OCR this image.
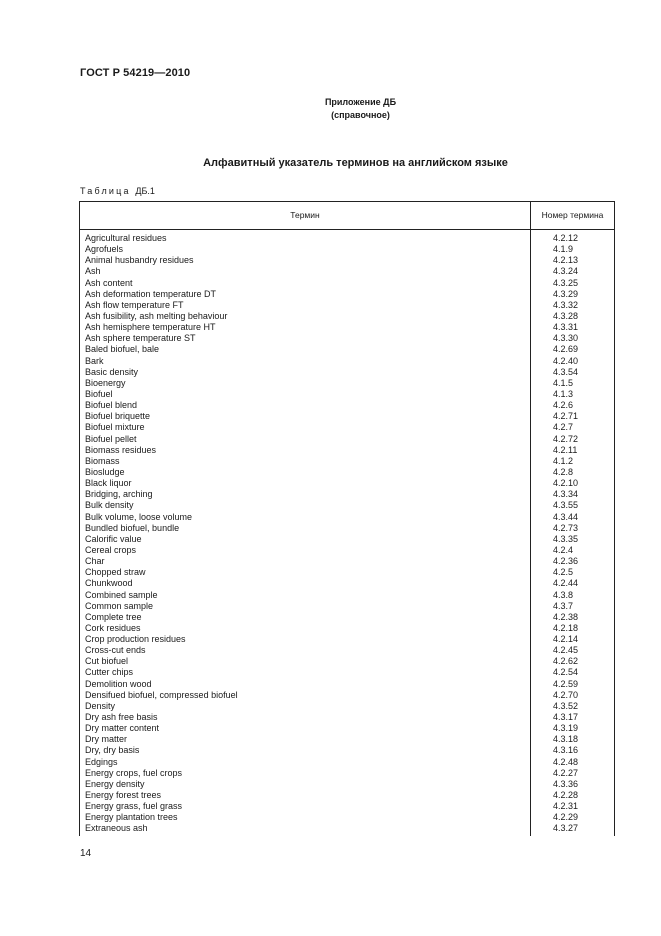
ГОСТ Р 54219—2010
Приложение ДБ
(справочное)
Алфавитный указатель терминов на английском языке
Таблица ДБ.1
Термин	Номер термина
Agricultural residues	4.2.12
Agrofuels	4.1.9
Animal husbandry residues	4.2.13
Ash	4.3.24
Ash content	4.3.25
Ash deformation temperature DT	4.3.29
Ash flow temperature FT	4.3.32
Ash fusibility, ash melting behaviour	4.3.28
Ash hemisphere temperature HT	4.3.31
Ash sphere temperature ST	4.3.30
Baled biofuel, bale	4.2.69
Bark	4.2.40
Basic density	4.3.54
Bioenergy	4.1.5
Biofuel	4.1.3
Biofuel blend	4.2.6
Biofuel briquette	4.2.71
Biofuel mixture	4.2.7
Biofuel pellet	4.2.72
Biomass residues	4.2.11
Biomass	4.1.2
Biosludge	4.2.8
Black liquor	4.2.10
Bridging, arching	4.3.34
Bulk density	4.3.55
Bulk volume, loose volume	4.3.44
Bundled biofuel, bundle	4.2.73
Calorific value	4.3.35
Cereal crops	4.2.4
Char	4.2.36
Chopped straw	4.2.5
Chunkwood	4.2.44
Combined sample	4.3.8
Common sample	4.3.7
Complete tree	4.2.38
Cork residues	4.2.18
Crop production residues	4.2.14
Cross-cut ends	4.2.45
Cut biofuel	4.2.62
Cutter chips	4.2.54
Demolition wood	4.2.59
Densifued biofuel, compressed biofuel	4.2.70
Density	4.3.52
Dry ash free basis	4.3.17
Dry matter content	4.3.19
Dry matter	4.3.18
Dry, dry basis	4.3.16
Edgings	4.2.48
Energy crops, fuel crops	4.2.27
Energy density	4.3.36
Energy forest trees	4.2.28
Energy grass, fuel grass	4.2.31
Energy plantation trees	4.2.29
Extraneous ash	4.3.27
14
